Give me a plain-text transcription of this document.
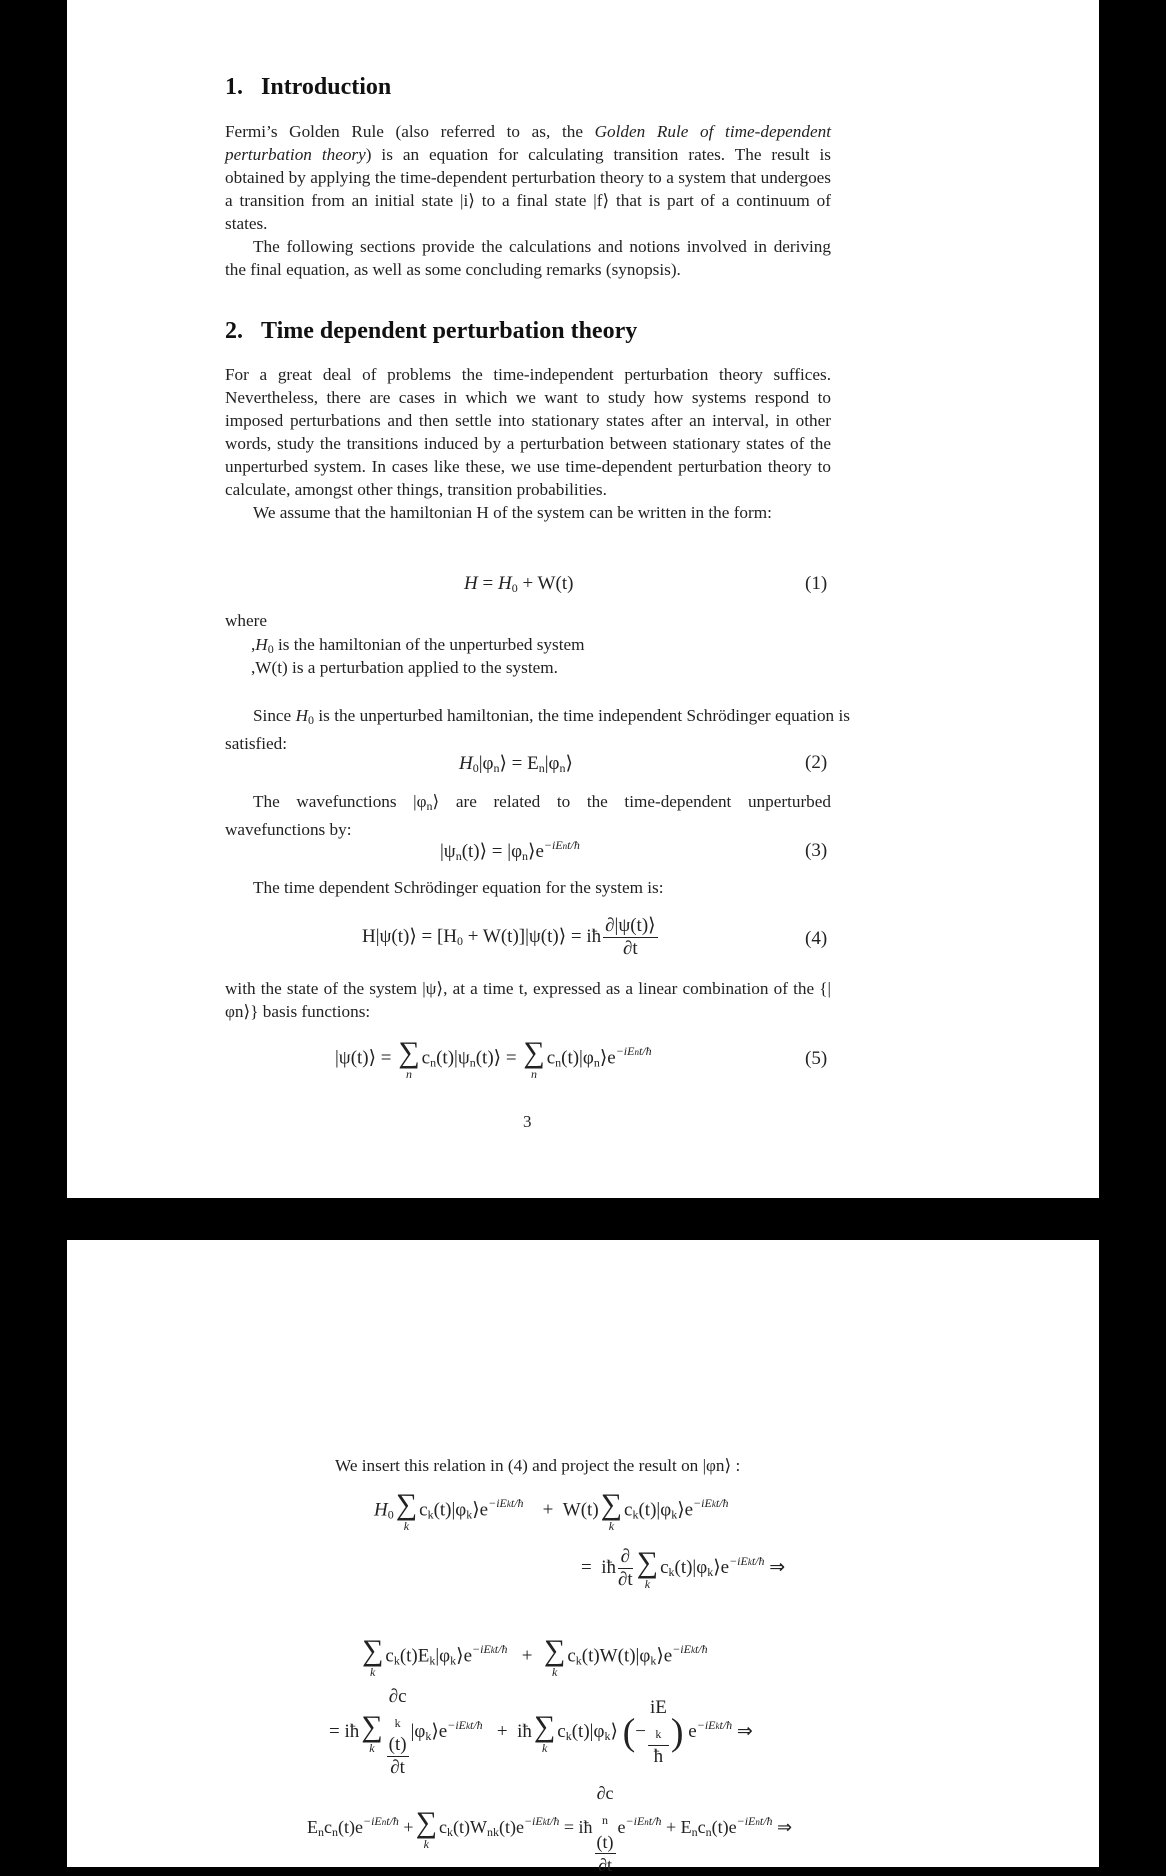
1. Introduction

Fermi’s Golden Rule (also referred to as, the Golden Rule of time-dependent perturbation theory) is an equation for calculating transition rates. The result is obtained by applying the time-dependent perturbation theory to a system that undergoes a transition from an initial state |i⟩ to a final state |f⟩ that is part of a continuum of states.

The following sections provide the calculations and notions involved in deriving the final equation, as well as some concluding remarks (synopsis).

2. Time dependent perturbation theory

For a great deal of problems the time-independent perturbation theory suffices. Nevertheless, there are cases in which we want to study how systems respond to imposed perturbations and then settle into stationary states after an interval, in other words, study the transitions induced by a perturbation between stationary states of the unperturbed system. In cases like these, we use time-dependent perturbation theory to calculate, amongst other things, transition probabilities.

We assume that the hamiltonian H of the system can be written in the form:

$H = H_0 + W(t)$	(1)
where
$,H_0$ is the hamiltonian of the unperturbed system
,W(t) is a perturbation applied to the system.
Since $H_0$ is the unperturbed hamiltonian, the time independent Schrödinger equation is satisfied:
$H_0|\varphi_n⟩$ = $E_n|\varphi_n⟩$	(2)
The wavefunctions $|\varphi_n⟩$ are related to the time-dependent unperturbed wavefunctions by:
$|\psi_n(t)⟩$ = $|\varphi_n⟩e^{-iEnt/ħ}$	(3)
The time dependent Schrödinger equation for the system is:
H|ψ(t)⟩ = [$H_0$ + W(t)]|ψ(t)⟩ = iħ $\frac{\partial|\psi(t)⟩}{\partial t}$	(4)
with the state of the system |ψ⟩, at a time t, expressed as a linear combination of the {|φn⟩} basis functions:
|ψ(t)⟩ = ∑
n
$c_n(t)|\psi_n(t)⟩$ = ∑
n
$c_n(t)|\varphi_n⟩e^{-iEnt/ħ}$	(5)
3
We insert this relation in (4) and project the result on |φn⟩ :
$H_0$ ∑
k
$c_k(t)|\varphi_k⟩e^{-iEkt/ħ} + W(t)$ ∑
k
$c_k(t)|\varphi_k⟩e^{-iEkt/ħ}$
= iħ $\frac{\partial}{\partial t}$ ∑
k
$c_k(t)|\varphi_k⟩e^{-iEkt/ħ}$ ⇒
∑
k
$c_k(t)E_k|\varphi_k⟩e^{-iEkt/ħ}$ + ∑
k
$c_k(t)W(t)|\varphi_k⟩e^{-iEkt/ħ}$
= iħ ∑
k ∂c
$_k$
(t)
∂t $|\varphi_k⟩e^{-iEkt/ħ}$ + iħ ∑
k
$c_k(t)|\varphi_k⟩$ (− iE
$_k$
ħ ) $e^{-iEkt/ħ}$ ⇒
$E_nc_n(t)e^{-iEnt/ħ}$ + ∑
k
$c_k(t)W_{nk}(t)e^{-iEkt/ħ}$ = iħ ∂c
$_n$
(t)
∂t $e^{-iEnt/ħ} + E_nc_n(t)e^{-iEnt/ħ}$ ⇒
